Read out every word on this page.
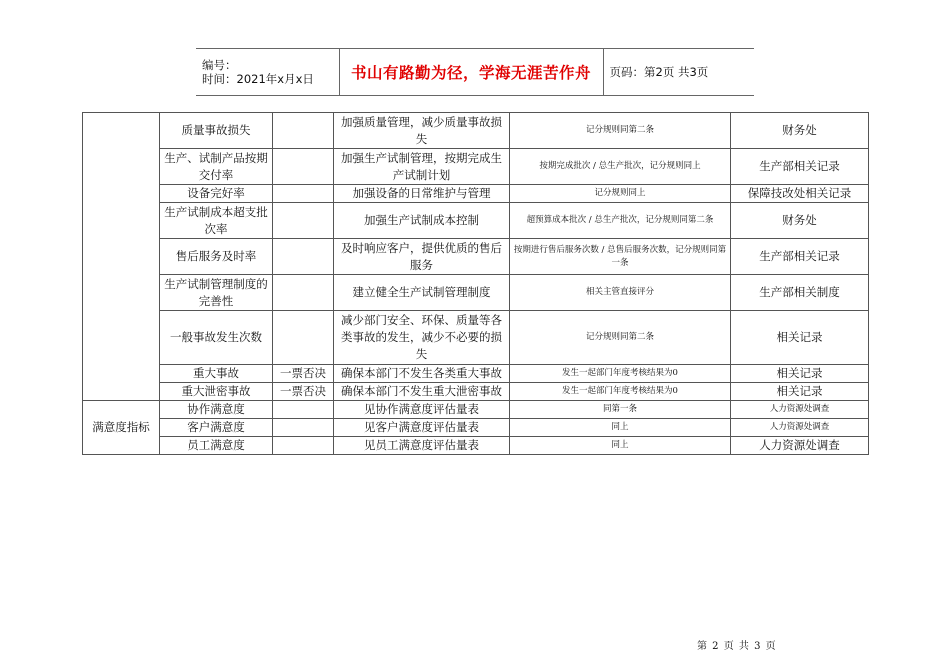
编号：
时间：2021年x月x日	书山有路勤为径，学海无涯苦作舟	页码：第2页 共3页
	质量事故损失		加强质量管理，减少质量事故损失	记分规则同第二条	财务处
	生产、试制产品按期交付率		加强生产试制管理，按期完成生产试制计划	按期完成批次 / 总生产批次，记分规则同上	生产部相关记录
	设备完好率		加强设备的日常维护与管理	记分规则同上	保障技改处相关记录
	生产试制成本超支批次率		加强生产试制成本控制	超预算成本批次 / 总生产批次，记分规则同第二条	财务处
	售后服务及时率		及时响应客户，提供优质的售后服务	按期进行售后服务次数 / 总售后服务次数，记分规则同第一条	生产部相关记录
	生产试制管理制度的完善性		建立健全生产试制管理制度	相关主管直接评分	生产部相关制度
	一般事故发生次数		减少部门安全、环保、质量等各类事故的发生，减少不必要的损失	记分规则同第二条	相关记录
	重大事故	一票否决	确保本部门不发生各类重大事故	发生一起部门年度考核结果为0	相关记录
	重大泄密事故	一票否决	确保本部门不发生重大泄密事故	发生一起部门年度考核结果为0	相关记录
满意度指标	协作满意度		见协作满意度评估量表	同第一条	人力资源处调查
	客户满意度		见客户满意度评估量表	同上	人力资源处调查
	员工满意度		见员工满意度评估量表	同上	人力资源处调查
第 2 页 共 3 页
